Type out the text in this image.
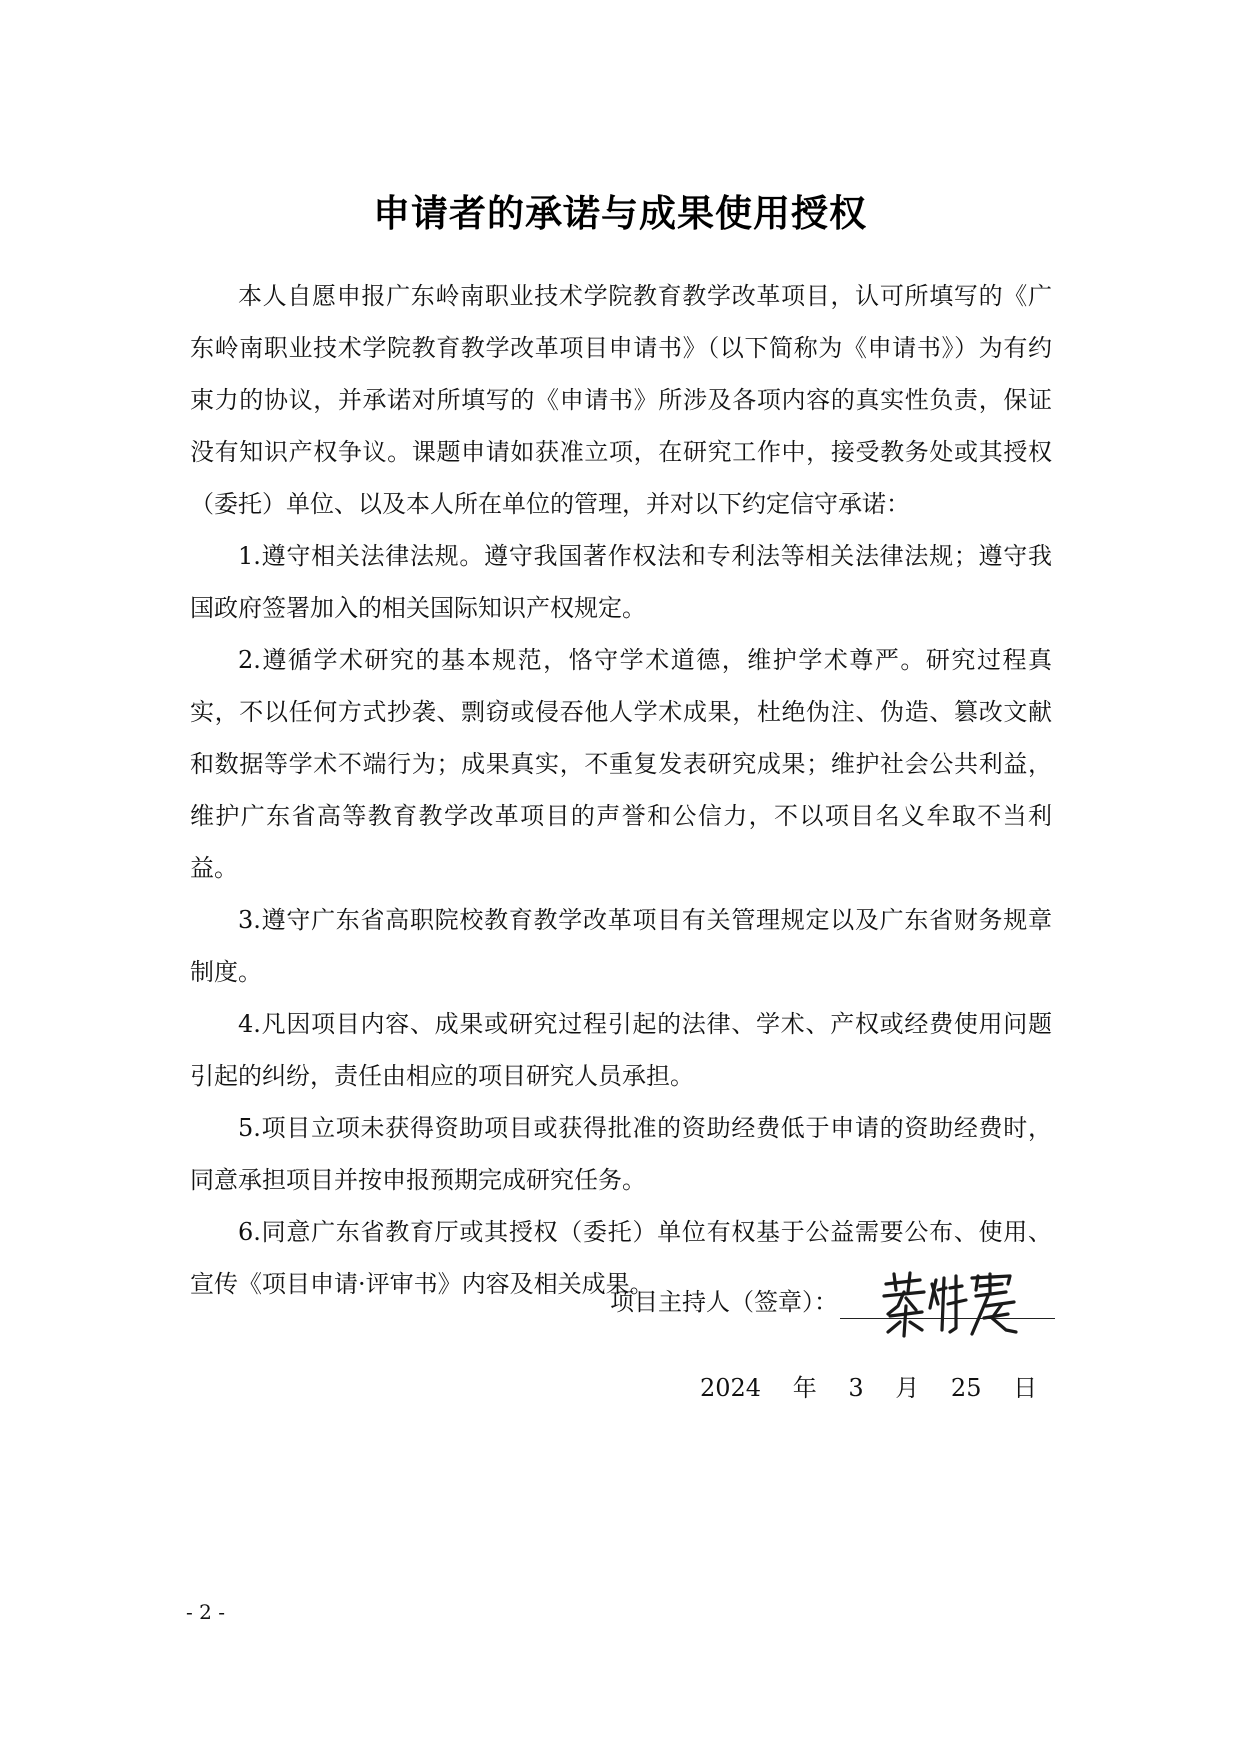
申请者的承诺与成果使用授权

本人自愿申报广东岭南职业技术学院教育教学改革项目，认可所填写的《广东岭南职业技术学院教育教学改革项目申请书》（以下简称为《申请书》）为有约束力的协议，并承诺对所填写的《申请书》所涉及各项内容的真实性负责，保证没有知识产权争议。课题申请如获准立项，在研究工作中，接受教务处或其授权（委托）单位、以及本人所在单位的管理，并对以下约定信守承诺：

1.遵守相关法律法规。遵守我国著作权法和专利法等相关法律法规；遵守我国政府签署加入的相关国际知识产权规定。

2.遵循学术研究的基本规范，恪守学术道德，维护学术尊严。研究过程真实，不以任何方式抄袭、剽窃或侵吞他人学术成果，杜绝伪注、伪造、篡改文献和数据等学术不端行为；成果真实，不重复发表研究成果；维护社会公共利益，维护广东省高等教育教学改革项目的声誉和公信力，不以项目名义牟取不当利益。

3.遵守广东省高职院校教育教学改革项目有关管理规定以及广东省财务规章制度。

4.凡因项目内容、成果或研究过程引起的法律、学术、产权或经费使用问题引起的纠纷，责任由相应的项目研究人员承担。

5.项目立项未获得资助项目或获得批准的资助经费低于申请的资助经费时，同意承担项目并按申报预期完成研究任务。

6.同意广东省教育厅或其授权（委托）单位有权基于公益需要公布、使用、宣传《项目申请·评审书》内容及相关成果。

项目主持人（签章）：
2024 年 3 月 25 日
- 2 -
